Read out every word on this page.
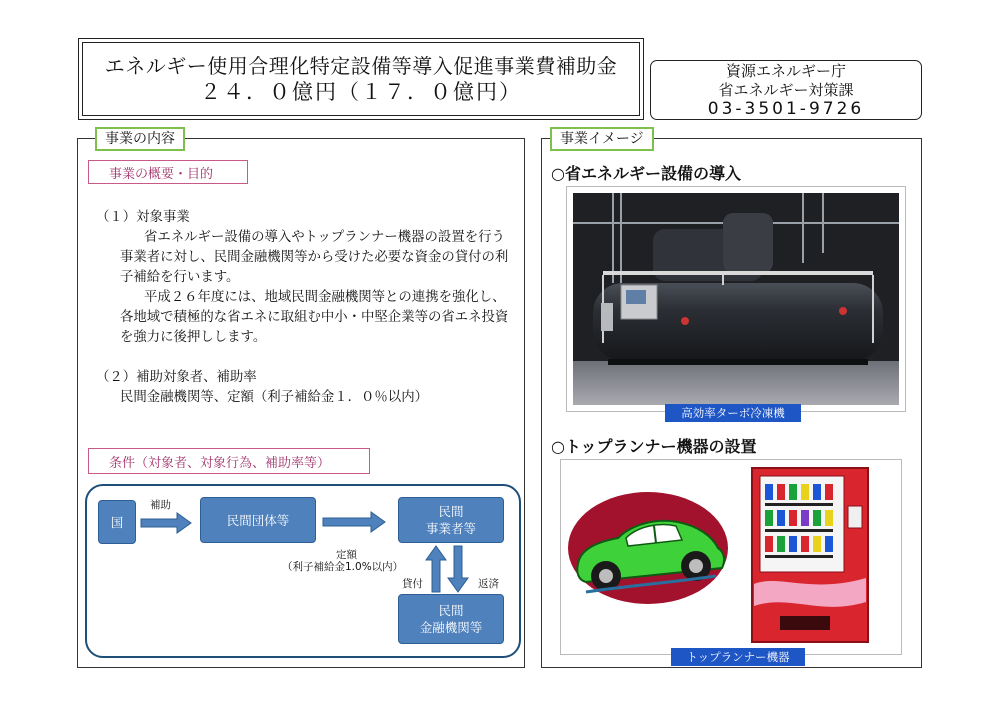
エネルギー使用合理化特定設備等導入促進事業費補助金
２４．０億円（１７．０億円）
資源エネルギー庁
省エネルギー対策課
03-3501-9726
事業の内容
事業の概要・目的

（１）対象事業

省エネルギー設備の導入やトップランナー機器の設置を行う事業者に対し、民間金融機関等から受けた必要な資金の貸付の利子補給を行います。

平成２６年度には、地域民間金融機関等との連携を強化し、各地域で積極的な省エネに取組む中小・中堅企業等の省エネ投資を強力に後押しします。

（２）補助対象者、補助率

民間金融機関等、定額（利子補給金１．０％以内）

条件（対象者、対象行為、補助率等）
国	民間団体等
民間
事業者等
民間
金融機関等
補助
定額
（利子補給金1.0%以内）
貸付	返済
事業イメージ
○省エネルギー設備の導入
高効率ターボ冷凍機
○トップランナー機器の設置
トップランナー機器
